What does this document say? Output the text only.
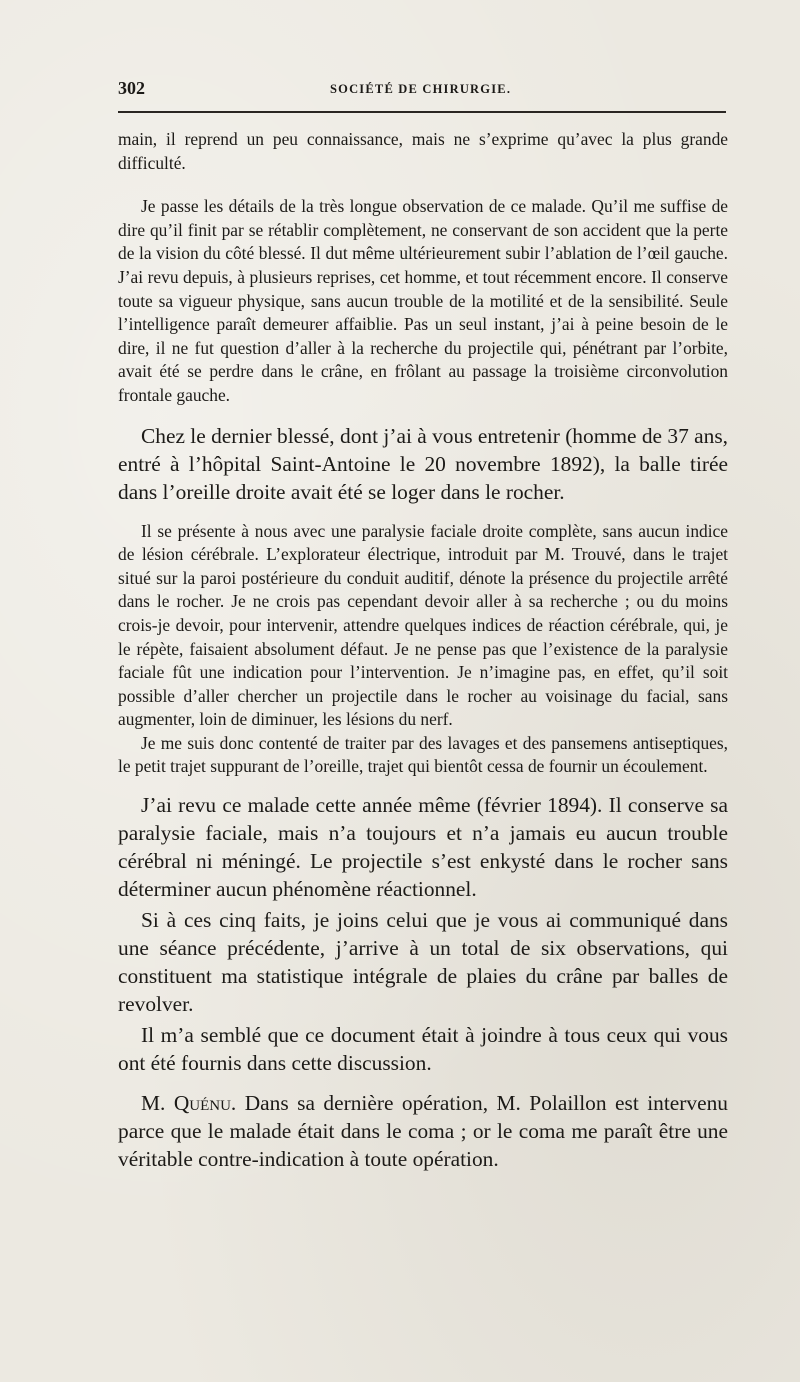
302	SOCIÉTÉ DE CHIRURGIE.

main, il reprend un peu connaissance, mais ne s’exprime qu’avec la plus grande difficulté.

Je passe les détails de la très longue observation de ce malade. Qu’il me suffise de dire qu’il finit par se rétablir complètement, ne conservant de son accident que la perte de la vision du côté blessé. Il dut même ultérieurement subir l’ablation de l’œil gauche. J’ai revu depuis, à plusieurs reprises, cet homme, et tout récemment encore. Il conserve toute sa vigueur physique, sans aucun trouble de la motilité et de la sensibilité. Seule l’intelligence paraît demeurer affaiblie. Pas un seul instant, j’ai à peine besoin de le dire, il ne fut question d’aller à la recherche du projectile qui, pénétrant par l’orbite, avait été se perdre dans le crâne, en frôlant au passage la troisième circonvolution frontale gauche.

Chez le dernier blessé, dont j’ai à vous entretenir (homme de 37 ans, entré à l’hôpital Saint-Antoine le 20 novembre 1892), la balle tirée dans l’oreille droite avait été se loger dans le rocher.

Il se présente à nous avec une paralysie faciale droite complète, sans aucun indice de lésion cérébrale. L’explorateur électrique, introduit par M. Trouvé, dans le trajet situé sur la paroi postérieure du conduit auditif, dénote la présence du projectile arrêté dans le rocher. Je ne crois pas cependant devoir aller à sa recherche ; ou du moins crois-je devoir, pour intervenir, attendre quelques indices de réaction cérébrale, qui, je le répète, faisaient absolument défaut. Je ne pense pas que l’existence de la paralysie faciale fût une indication pour l’intervention. Je n’imagine pas, en effet, qu’il soit possible d’aller chercher un projectile dans le rocher au voisinage du facial, sans augmenter, loin de diminuer, les lésions du nerf.

Je me suis donc contenté de traiter par des lavages et des pansemens antiseptiques, le petit trajet suppurant de l’oreille, trajet qui bientôt cessa de fournir un écoulement.

J’ai revu ce malade cette année même (février 1894). Il conserve sa paralysie faciale, mais n’a toujours et n’a jamais eu aucun trouble cérébral ni méningé. Le projectile s’est enkysté dans le rocher sans déterminer aucun phénomène réactionnel.

Si à ces cinq faits, je joins celui que je vous ai communiqué dans une séance précédente, j’arrive à un total de six observations, qui constituent ma statistique intégrale de plaies du crâne par balles de revolver.

Il m’a semblé que ce document était à joindre à tous ceux qui vous ont été fournis dans cette discussion.

M. Quénu. Dans sa dernière opération, M. Polaillon est intervenu parce que le malade était dans le coma ; or le coma me paraît être une véritable contre-indication à toute opération.
